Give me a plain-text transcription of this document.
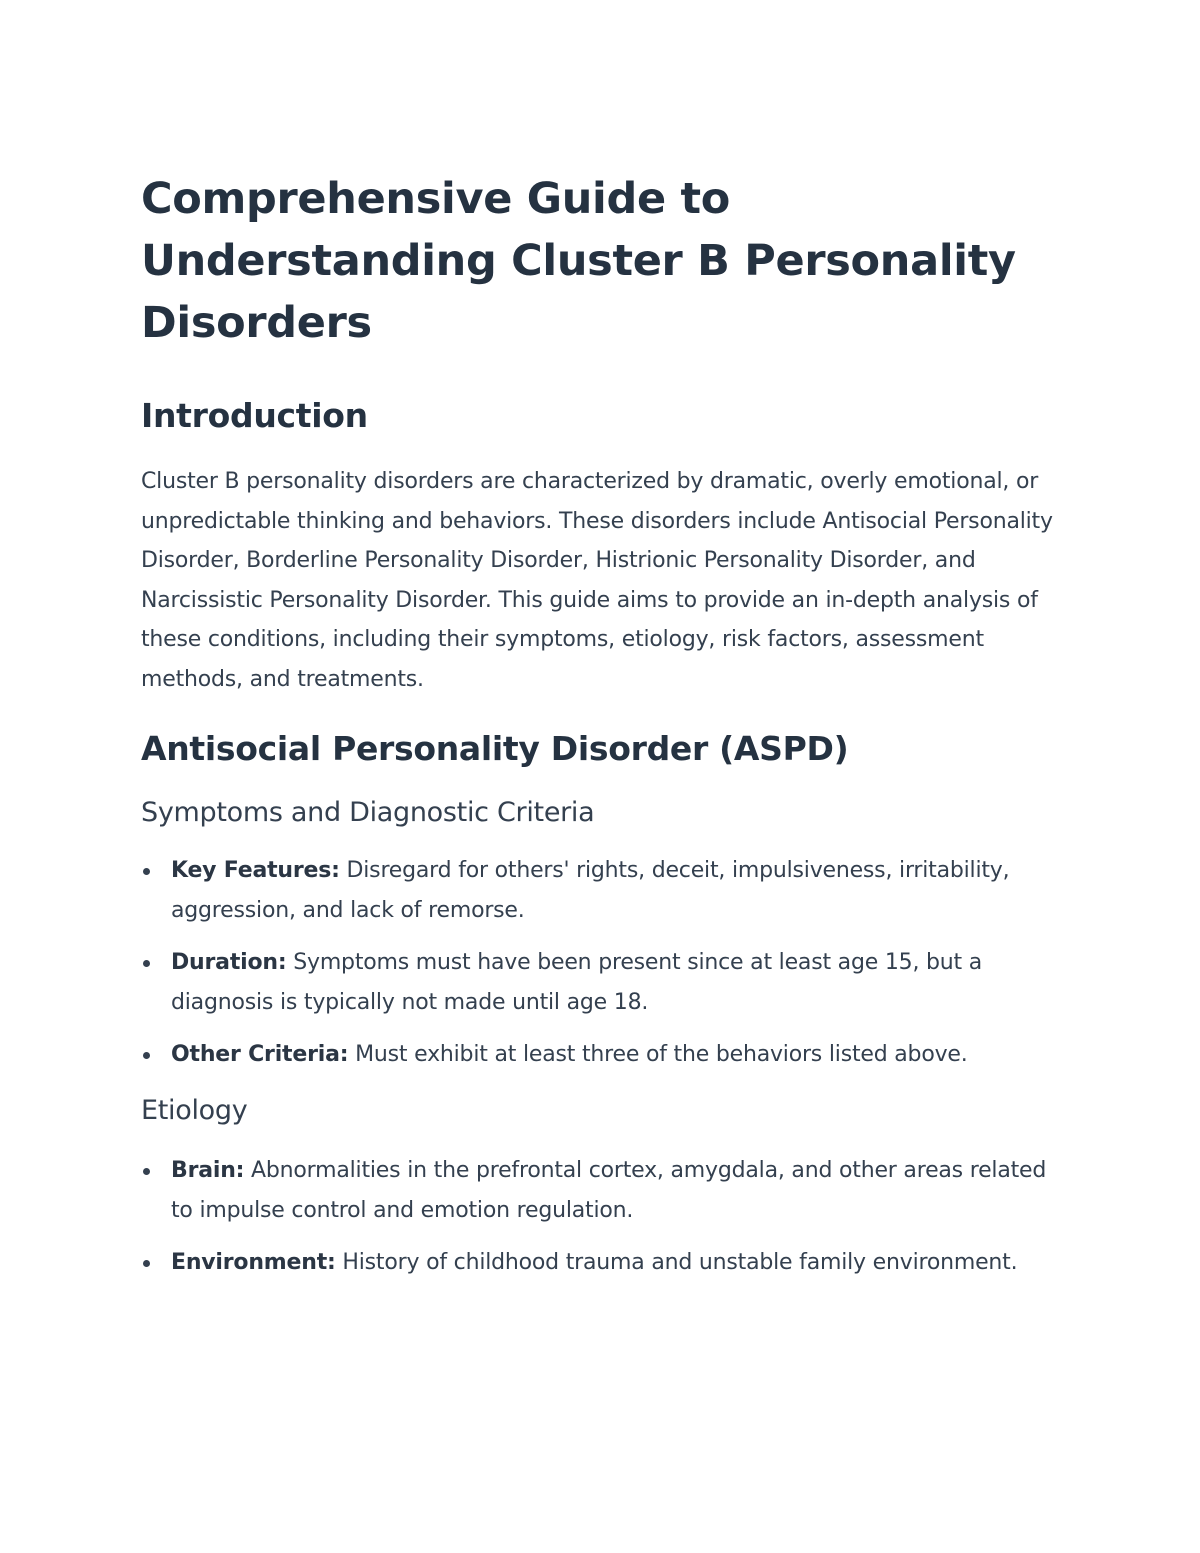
Comprehensive Guide to Understanding Cluster B Personality Disorders
Introduction

Cluster B personality disorders are characterized by dramatic, overly emotional, or unpredictable thinking and behaviors. These disorders include Antisocial Personality Disorder, Borderline Personality Disorder, Histrionic Personality Disorder, and Narcissistic Personality Disorder. This guide aims to provide an in-depth analysis of these conditions, including their symptoms, etiology, risk factors, assessment methods, and treatments.

Antisocial Personality Disorder (ASPD)
Symptoms and Diagnostic Criteria
Key Features: Disregard for others' rights, deceit, impulsiveness, irritability, aggression, and lack of remorse.
Duration: Symptoms must have been present since at least age 15, but a diagnosis is typically not made until age 18.
Other Criteria: Must exhibit at least three of the behaviors listed above.
Etiology
Brain: Abnormalities in the prefrontal cortex, amygdala, and other areas related to impulse control and emotion regulation.
Environment: History of childhood trauma and unstable family environment.
